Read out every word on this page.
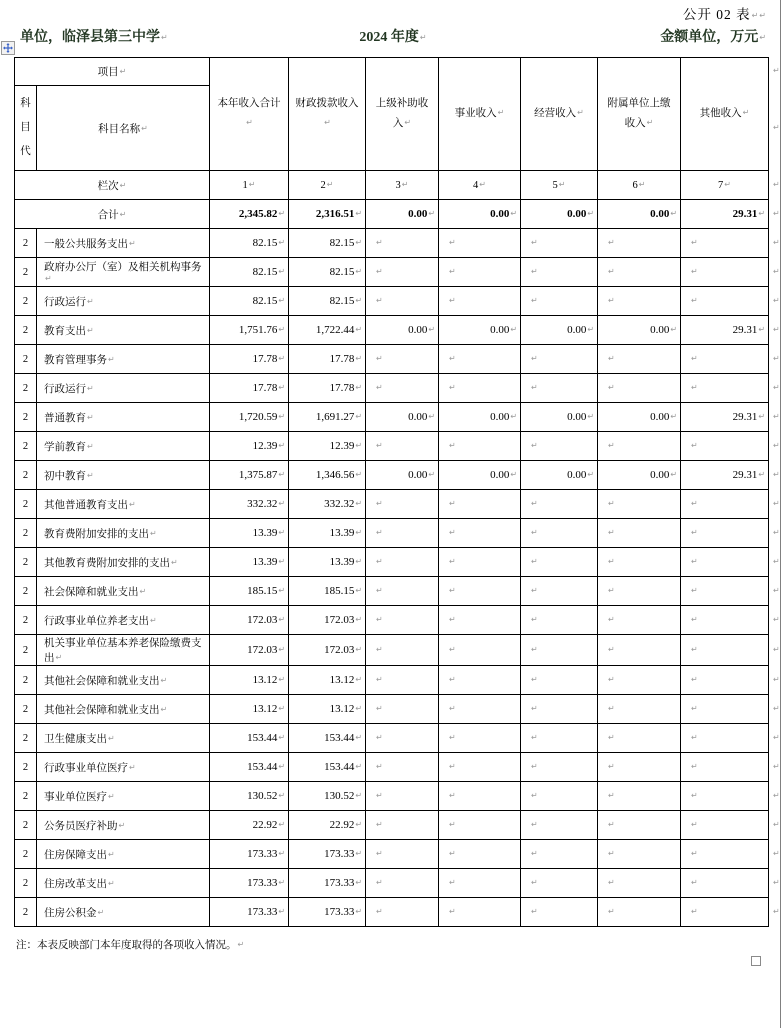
公开 02 表 ↵↵
单位，临泽县第三中学 ↵	2024 年度 ↵	金额单位，万元 ↵
项目 ↵		本年收入合计 ↵	财政拨款收入 ↵	上级补助收入 ↵	事业收入 ↵	经营收入 ↵	附属单位上缴收入 ↵	其他收入 ↵
科目代	科目名称 ↵
栏次 ↵		1 ↵	2 ↵	3 ↵	4 ↵	5 ↵	6 ↵	7 ↵
合计 ↵		2,345.82 ↵	2,316.51 ↵	0.00 ↵	0.00 ↵	0.00 ↵	0.00 ↵	29.31 ↵
2	一般公共服务支出 ↵	82.15 ↵	82.15 ↵	↵	↵	↵	↵	↵
2	政府办公厅（室）及相关机构事务 ↵	82.15 ↵	82.15 ↵	↵	↵	↵	↵	↵
2	行政运行 ↵	82.15 ↵	82.15 ↵	↵	↵	↵	↵	↵
2	教育支出 ↵	1,751.76 ↵	1,722.44 ↵	0.00 ↵	0.00 ↵	0.00 ↵	0.00 ↵	29.31 ↵
2	教育管理事务 ↵	17.78 ↵	17.78 ↵	↵	↵	↵	↵	↵
2	行政运行 ↵	17.78 ↵	17.78 ↵	↵	↵	↵	↵	↵
2	普通教育 ↵	1,720.59 ↵	1,691.27 ↵	0.00 ↵	0.00 ↵	0.00 ↵	0.00 ↵	29.31 ↵
2	学前教育 ↵	12.39 ↵	12.39 ↵	↵	↵	↵	↵	↵
2	初中教育 ↵	1,375.87 ↵	1,346.56 ↵	0.00 ↵	0.00 ↵	0.00 ↵	0.00 ↵	29.31 ↵
2	其他普通教育支出 ↵	332.32 ↵	332.32 ↵	↵	↵	↵	↵	↵
2	教育费附加安排的支出 ↵	13.39 ↵	13.39 ↵	↵	↵	↵	↵	↵
2	其他教育费附加安排的支出 ↵	13.39 ↵	13.39 ↵	↵	↵	↵	↵	↵
2	社会保障和就业支出 ↵	185.15 ↵	185.15 ↵	↵	↵	↵	↵	↵
2	行政事业单位养老支出 ↵	172.03 ↵	172.03 ↵	↵	↵	↵	↵	↵
2	机关事业单位基本养老保险缴费支出 ↵	172.03 ↵	172.03 ↵	↵	↵	↵	↵	↵
2	其他社会保障和就业支出 ↵	13.12 ↵	13.12 ↵	↵	↵	↵	↵	↵
2	其他社会保障和就业支出 ↵	13.12 ↵	13.12 ↵	↵	↵	↵	↵	↵
2	卫生健康支出 ↵	153.44 ↵	153.44 ↵	↵	↵	↵	↵	↵
2	行政事业单位医疗 ↵	153.44 ↵	153.44 ↵	↵	↵	↵	↵	↵
2	事业单位医疗 ↵	130.52 ↵	130.52 ↵	↵	↵	↵	↵	↵
2	公务员医疗补助 ↵	22.92 ↵	22.92 ↵	↵	↵	↵	↵	↵
2	住房保障支出 ↵	173.33 ↵	173.33 ↵	↵	↵	↵	↵	↵
2	住房改革支出 ↵	173.33 ↵	173.33 ↵	↵	↵	↵	↵	↵
2	住房公积金 ↵	173.33 ↵	173.33 ↵	↵	↵	↵	↵	↵
↵
↵
↵
↵
↵
↵
↵
↵
↵
↵
↵
↵
↵
↵
↵
↵
↵
↵
↵
↵
↵
↵
↵
↵
↵
↵
↵
↵
注：本表反映部门本年度取得的各项收入情况。 ↵
